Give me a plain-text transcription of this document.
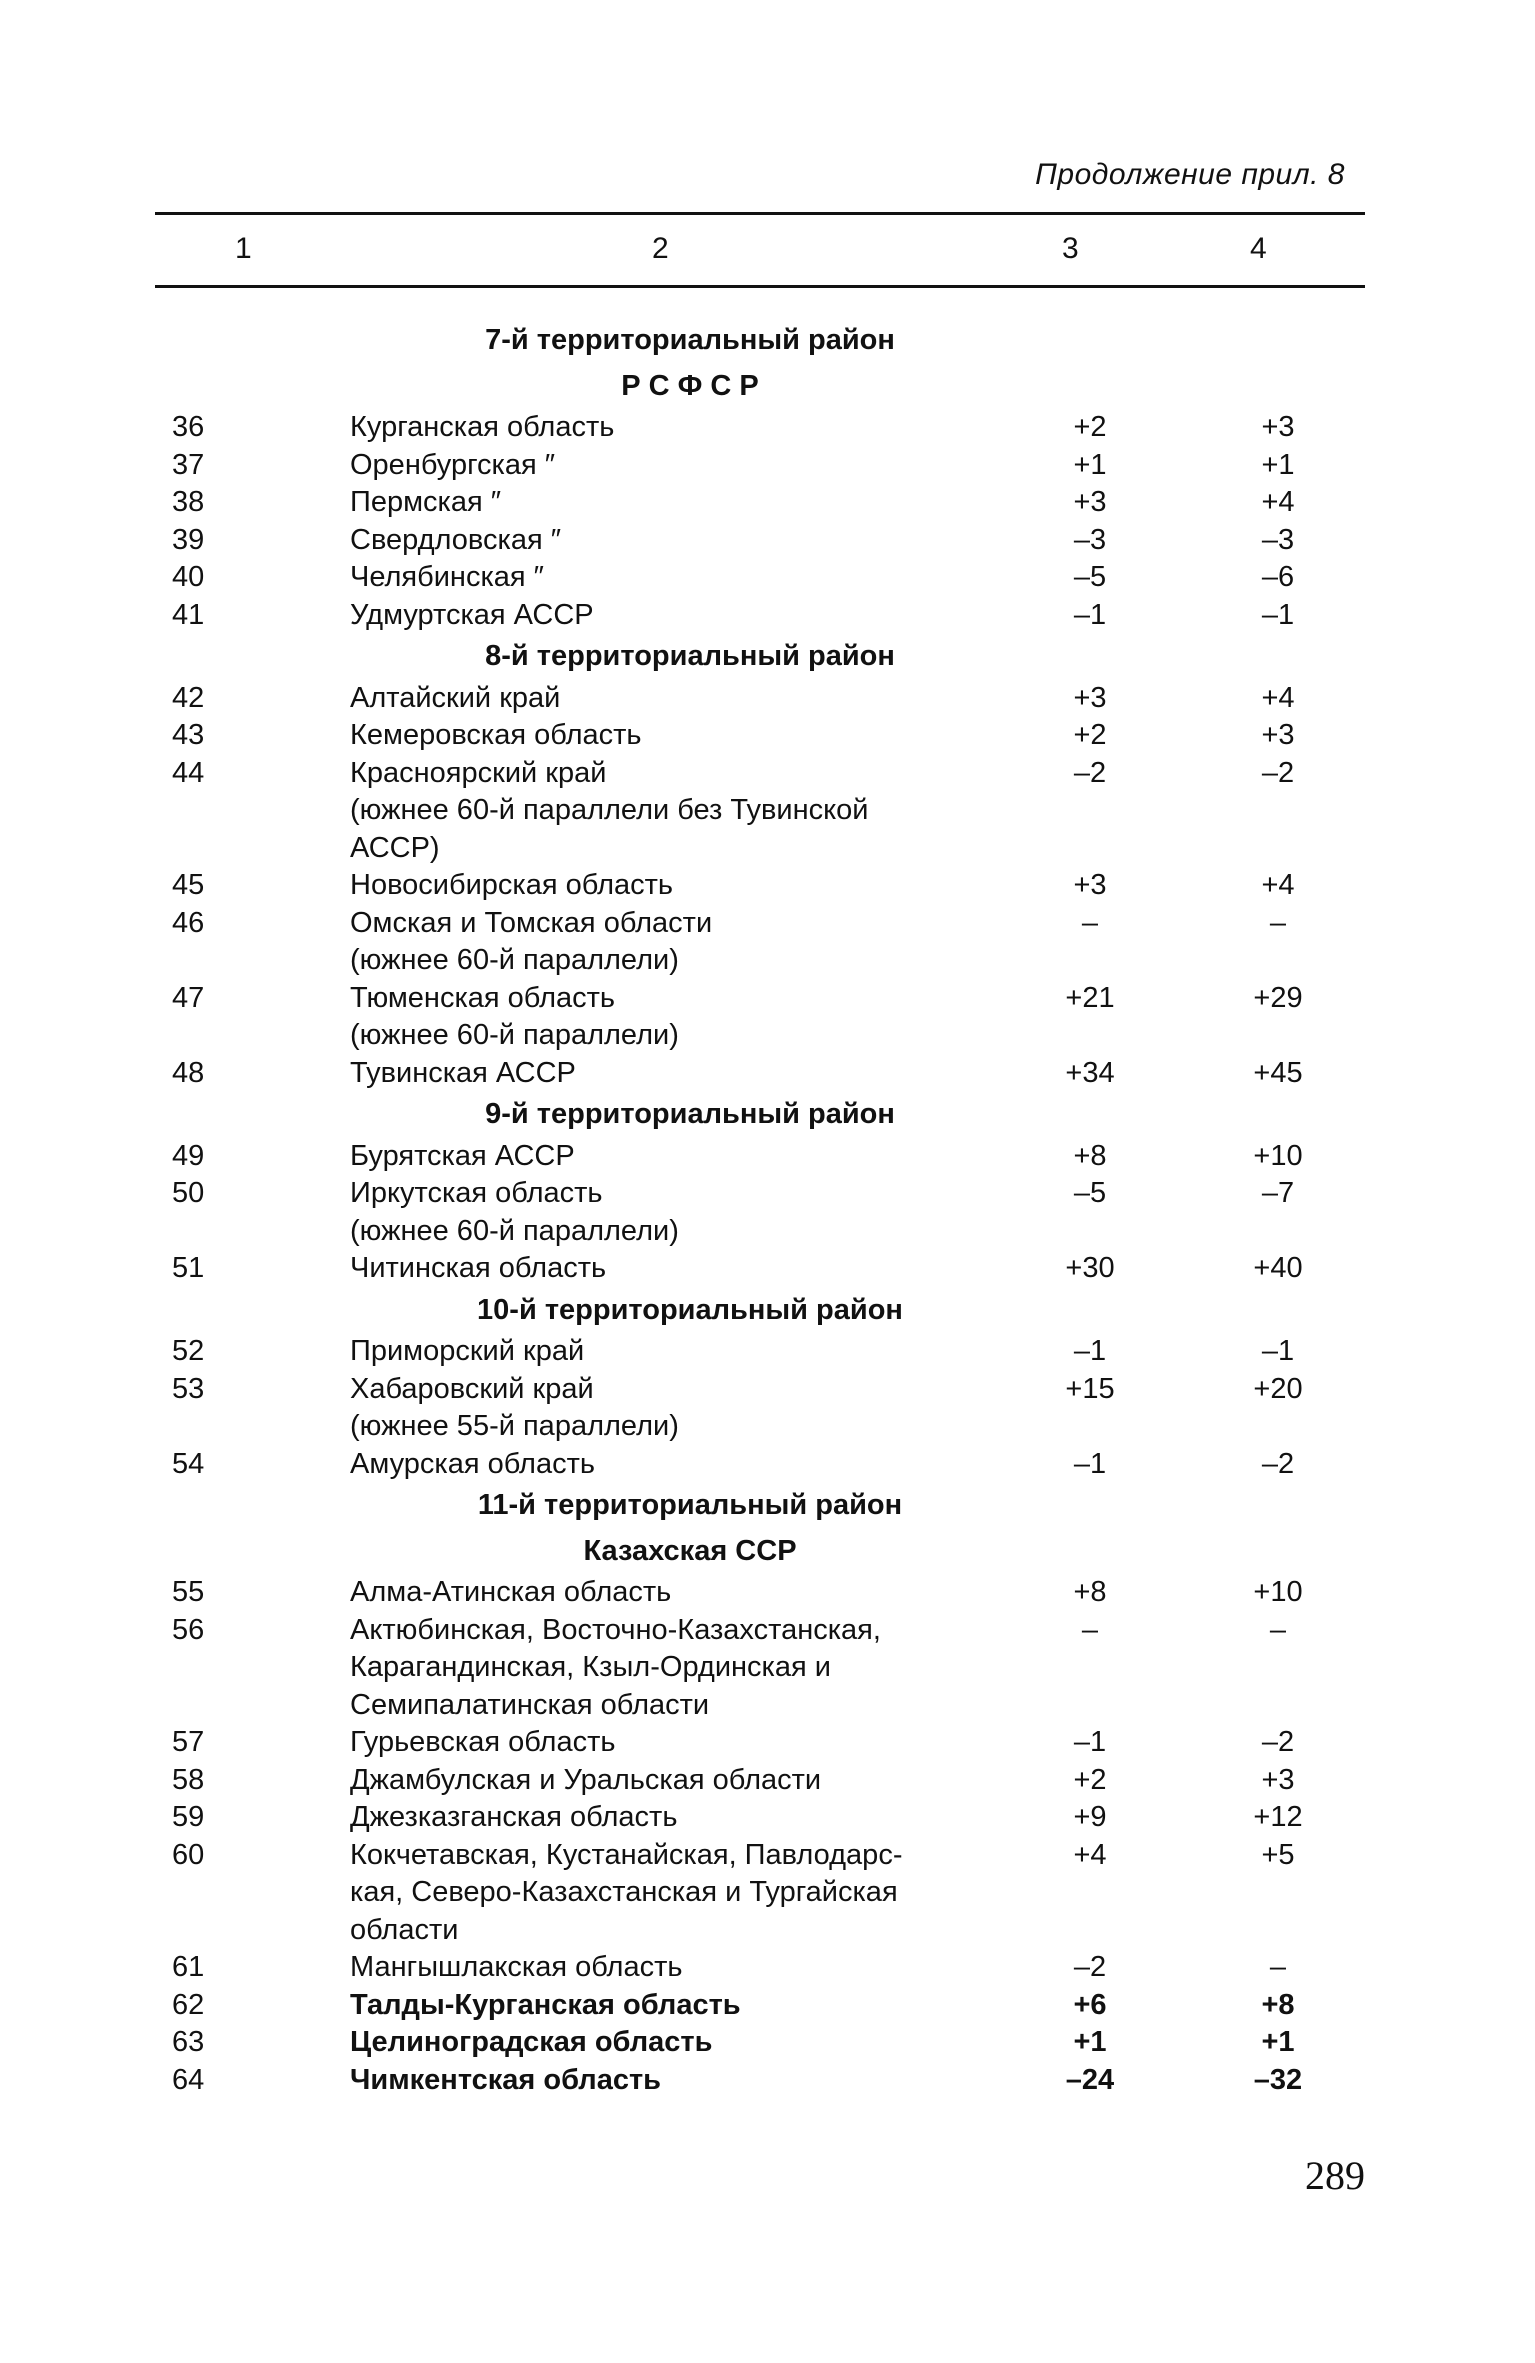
Продолжение прил. 8
1	2	3	4
7-й территориальный район
Р С Ф С Р
36	Курганская область	+2	+3
37	Оренбургская ″	+1	+1
38	Пермская ″	+3	+4
39	Свердловская ″	–3	–3
40	Челябинская ″	–5	–6
41	Удмуртская АССР	–1	–1
8-й территориальный район
42	Алтайский край	+3	+4
43	Кемеровская область	+2	+3
44	Красноярский край	–2	–2
(южнее 60-й параллели без Тувинской
АССР)
45	Новосибирская область	+3	+4
46	Омская и Томская области	–	–
(южнее 60-й параллели)
47	Тюменская область	+21	+29
(южнее 60-й параллели)
48	Тувинская АССР	+34	+45
9-й территориальный район
49	Бурятская АССР	+8	+10
50	Иркутская область	–5	–7
(южнее 60-й параллели)
51	Читинская область	+30	+40
10-й территориальный район
52	Приморский край	–1	–1
53	Хабаровский край	+15	+20
(южнее 55-й параллели)
54	Амурская область	–1	–2
11-й территориальный район
Казахская ССР
55	Алма-Атинская область	+8	+10
56	Актюбинская, Восточно-Казахстанская,	–	–
Карагандинская, Кзыл-Ординская и
Семипалатинская области
57	Гурьевская область	–1	–2
58	Джамбулская и Уральская области	+2	+3
59	Джезказганская область	+9	+12
60	Кокчетавская, Кустанайская, Павлодарс-	+4	+5
кая, Северо-Казахстанская и Тургайская
области
61	Мангышлакская область	–2	–
62	Талды-Курганская область	+6	+8
63	Целиноградская область	+1	+1
64	Чимкентская область	–24	–32
289
